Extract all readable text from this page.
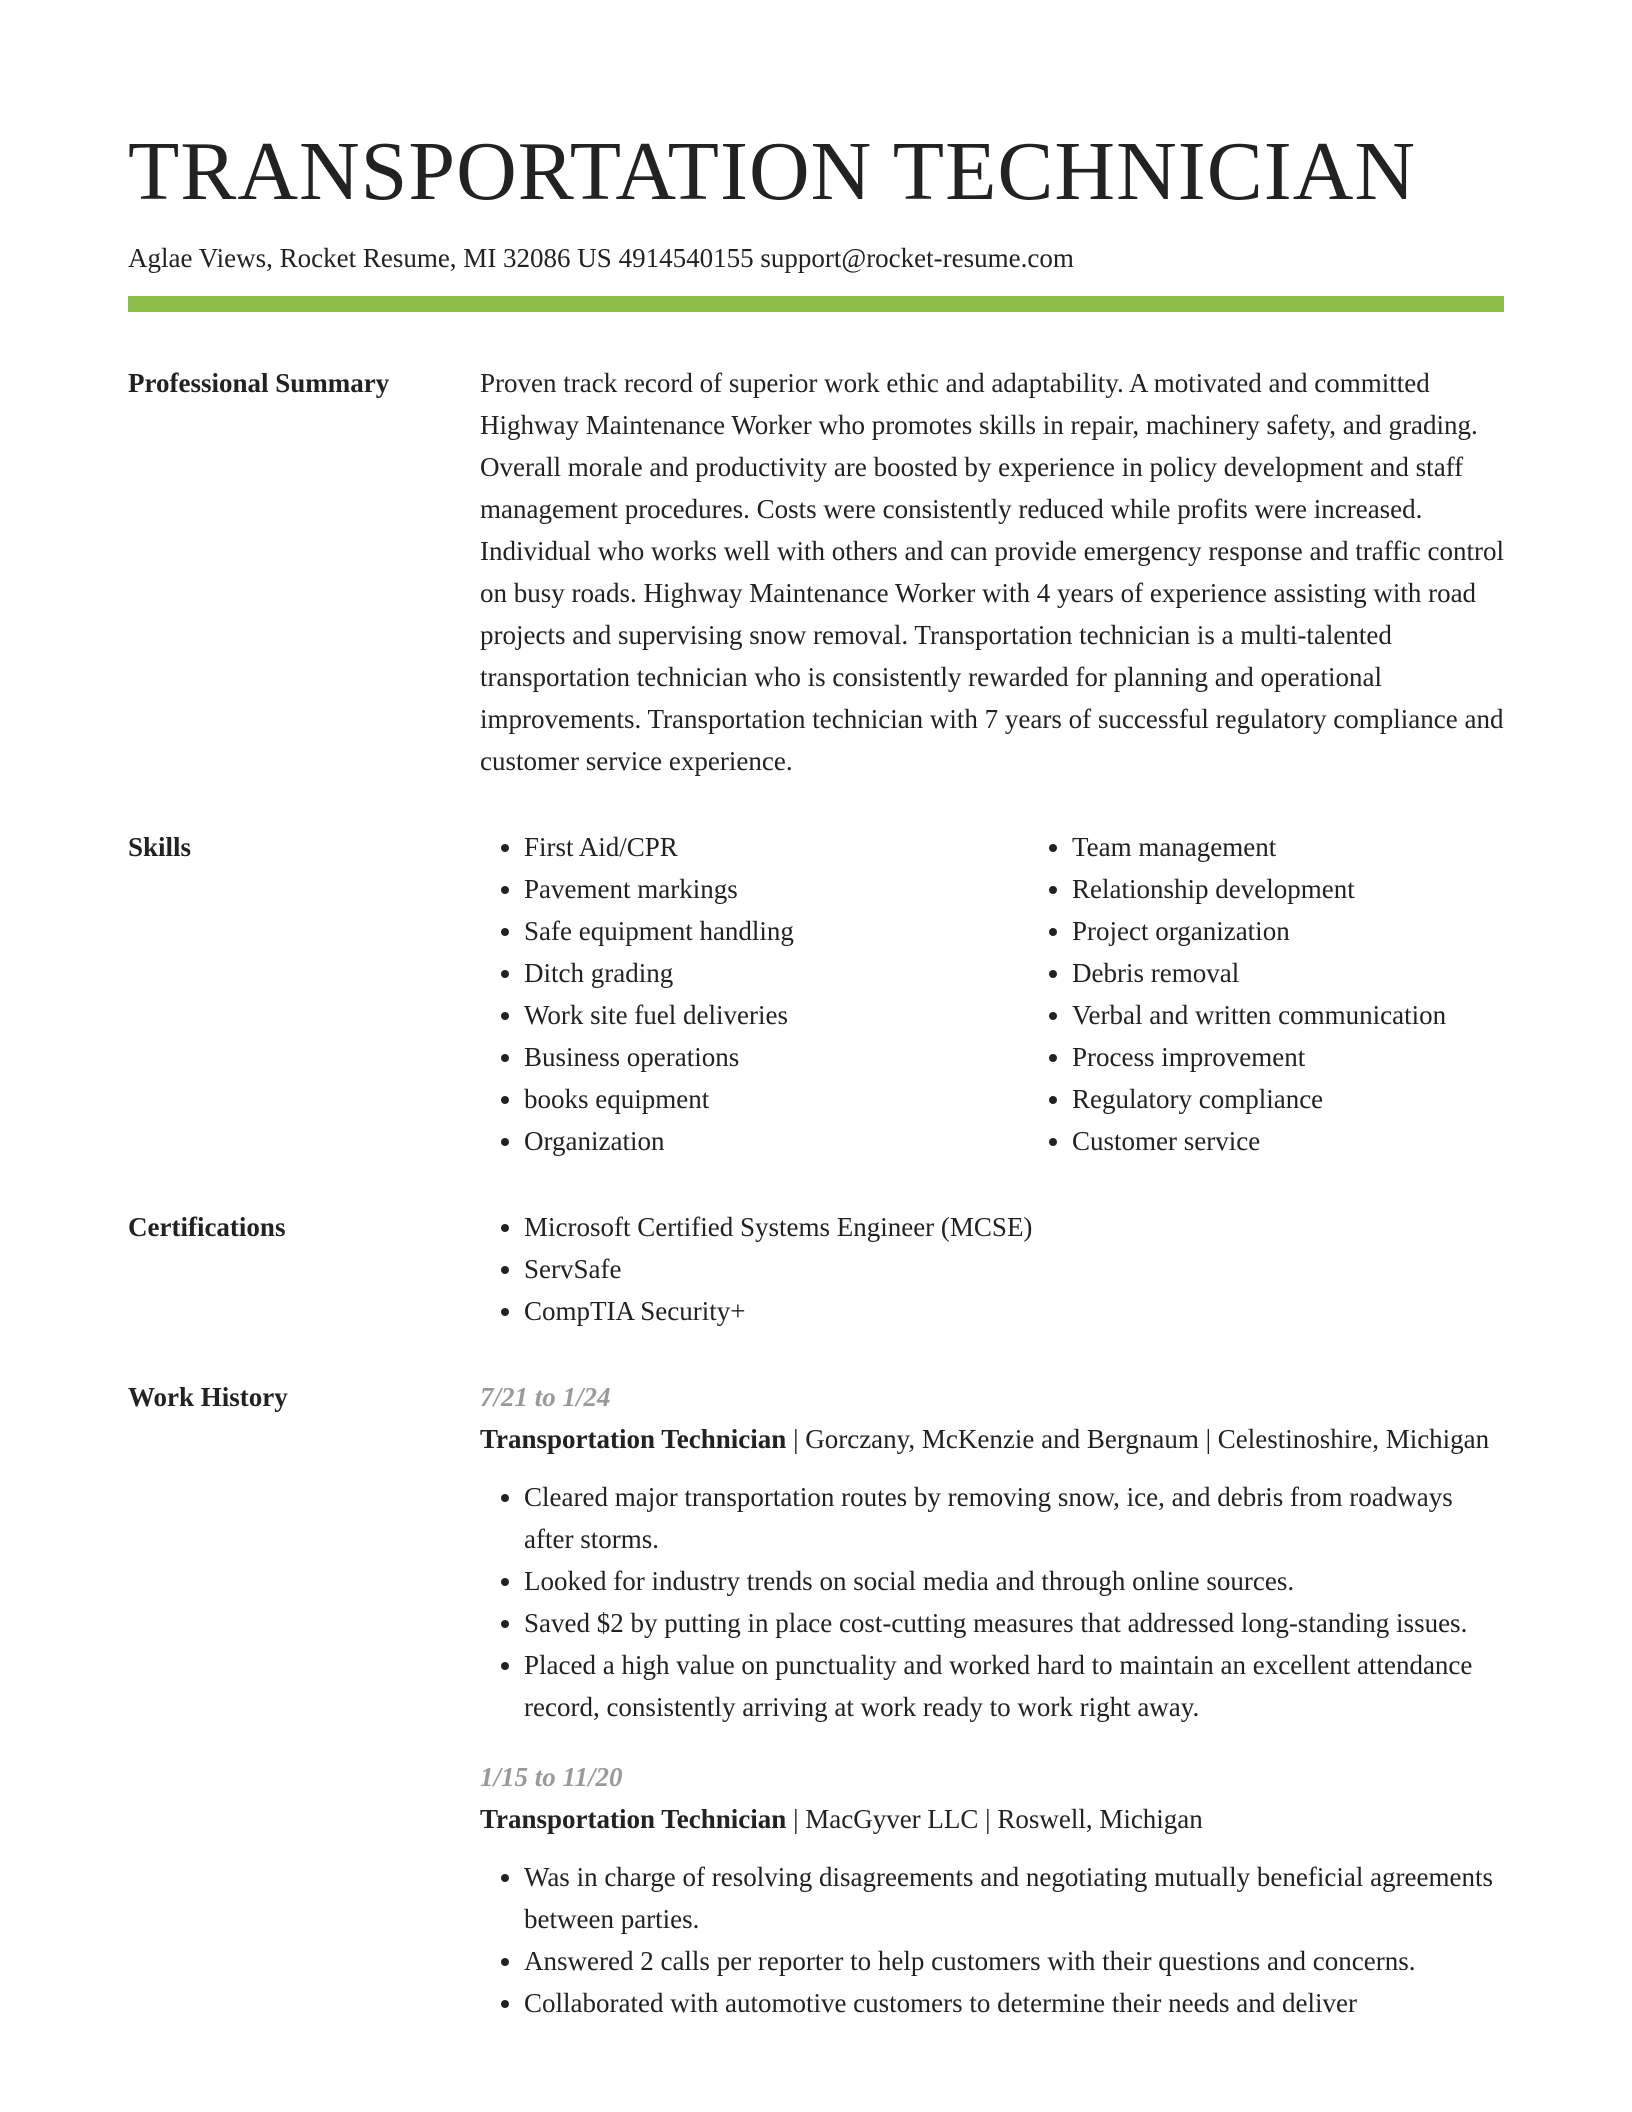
TRANSPORTATION TECHNICIAN
Aglae Views, Rocket Resume, MI 32086 US 4914540155 support@rocket-resume.com
Professional Summary	Proven track record of superior work ethic and adaptability. A motivated and committed Highway Maintenance Worker who promotes skills in repair, machinery safety, and grading. Overall morale and productivity are boosted by experience in policy development and staff management procedures. Costs were consistently reduced while profits were increased. Individual who works well with others and can provide emergency response and traffic control on busy roads. Highway Maintenance Worker with 4 years of experience assisting with road projects and supervising snow removal. Transportation technician is a multi-talented transportation technician who is consistently rewarded for planning and operational improvements. Transportation technician with 7 years of successful regulatory compliance and customer service experience.

Skills	• First Aid/CPR
• Pavement markings
• Safe equipment handling
• Ditch grading
• Work site fuel deliveries
• Business operations
• books equipment
• Organization
• Team management
• Relationship development
• Project organization
• Debris removal
• Verbal and written communication
• Process improvement
• Regulatory compliance
• Customer service
Certifications	• Microsoft Certified Systems Engineer (MCSE)
• ServSafe
• CompTIA Security+
Work History	7/21 to 1/24
Transportation Technician | Gorczany, McKenzie and Bergnaum | Celestinoshire, Michigan
• Cleared major transportation routes by removing snow, ice, and debris from roadways after storms.
• Looked for industry trends on social media and through online sources.
• Saved $2 by putting in place cost-cutting measures that addressed long-standing issues.
• Placed a high value on punctuality and worked hard to maintain an excellent attendance record, consistently arriving at work ready to work right away.
1/15 to 11/20
Transportation Technician | MacGyver LLC | Roswell, Michigan
• Was in charge of resolving disagreements and negotiating mutually beneficial agreements between parties.
• Answered 2 calls per reporter to help customers with their questions and concerns.
• Collaborated with automotive customers to determine their needs and deliver
